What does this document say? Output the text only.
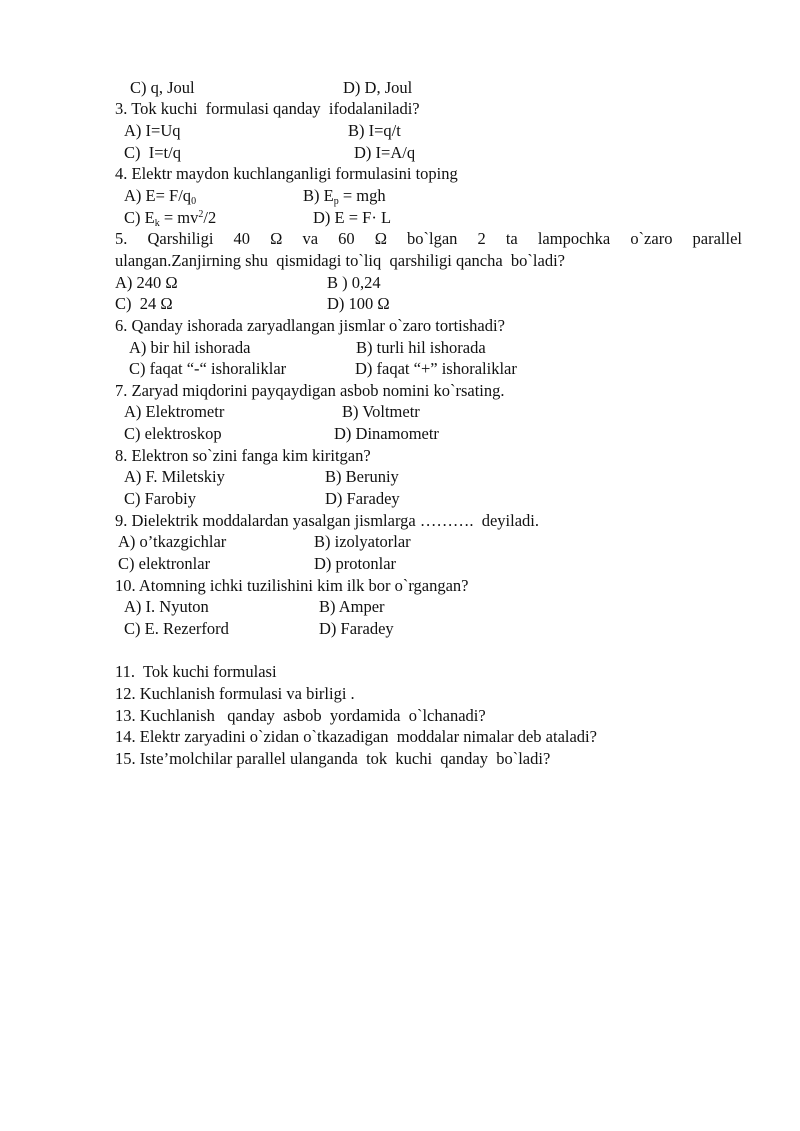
C) q, Joul	D) D, Joul
3. Tok kuchi  formulasi qanday  ifodalaniladi?
A) I=Uq	B) I=q/t
C)  I=t/q	D) I=A/q
4. Elektr maydon kuchlanganligi formulasini toping
A) $E= F/q_0$	B) $E_p$ = mgh
C) $E_k = mv^2/2$	D) E = F· L
5. Qarshiligi 40 Ω va 60 Ω bo`lgan 2 ta lampochka o`zaro parallel
ulangan.Zanjirning shu  qismidagi to`liq  qarshiligi qancha  bo`ladi?
A) 240 Ω	B ) 0,24
C)  24 Ω	D) 100 Ω
6. Qanday ishorada zaryadlangan jismlar o`zaro tortishadi?
A) bir hil ishorada	B) turli hil ishorada
C) faqat “-“ ishoraliklar	D) faqat “+” ishoraliklar
7. Zaryad miqdorini payqaydigan asbob nomini ko`rsating.
A) Elektrometr	B) Voltmetr
C) elektroskop	D) Dinamometr
8. Elektron so`zini fanga kim kiritgan?
A) F. Miletskiy	B) Beruniy
C) Farobiy	D) Faradey
9. Dielektrik moddalardan yasalgan jismlarga ……….  deyiladi.
A) o’tkazgichlar	B) izolyatorlar
C) elektronlar	D) protonlar
10. Atomning ichki tuzilishini kim ilk bor o`rgangan?
A) I. Nyuton	B) Amper
C) E. Rezerford	D) Faradey
11.  Tok kuchi formulasi
12. Kuchlanish formulasi va birligi .
13. Kuchlanish   qanday  asbob  yordamida  o`lchanadi?
14. Elektr zaryadini o`zidan o`tkazadigan  moddalar nimalar deb ataladi?
15. Iste’molchilar parallel ulanganda  tok  kuchi  qanday  bo`ladi?
